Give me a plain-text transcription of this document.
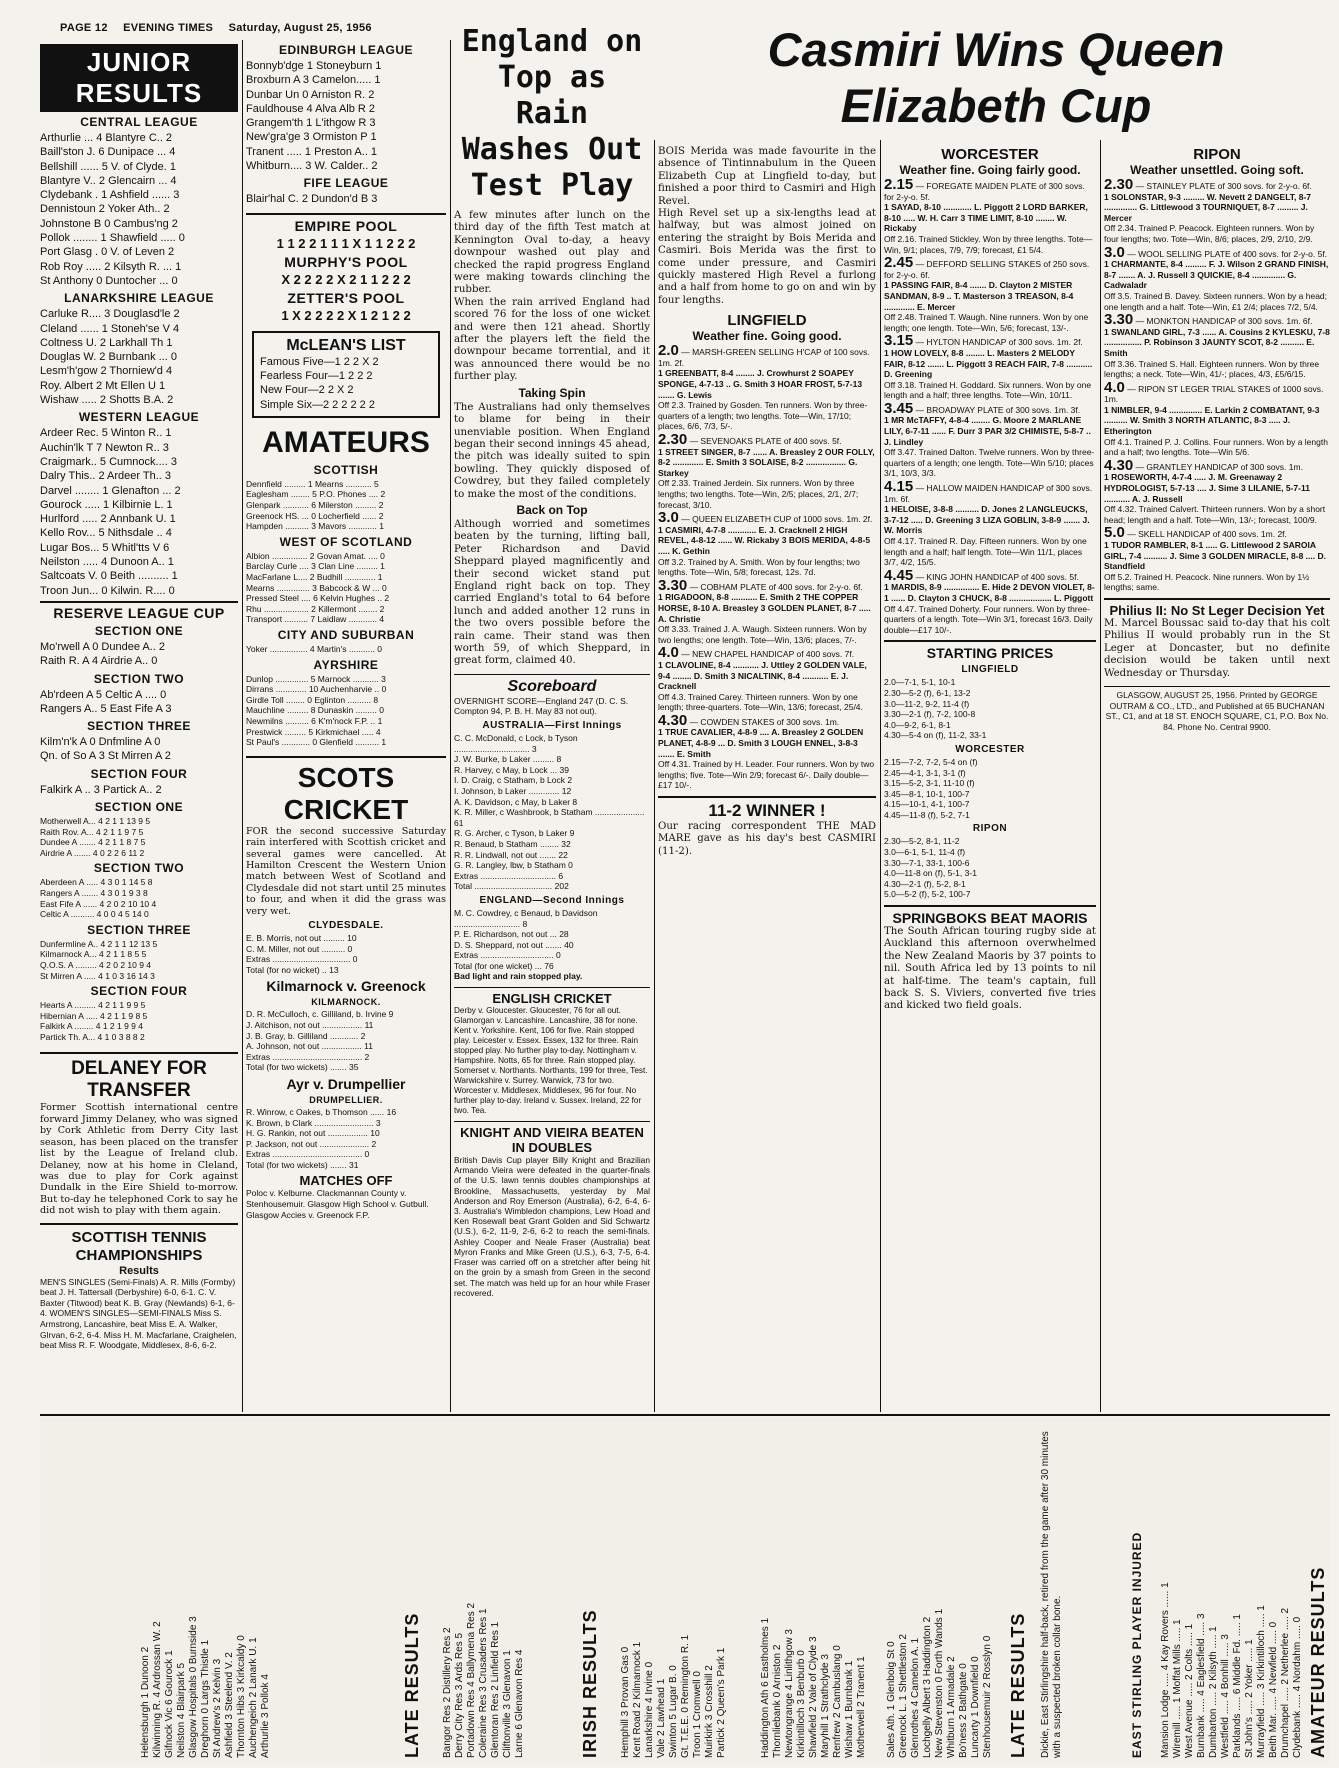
PAGE 12 EVENING TIMES Saturday, August 25, 1956
JUNIOR RESULTS
CENTRAL LEAGUE
Arthurlie ... 4 Blantyre C.. 2
Baill'ston J. 6 Dunipace ... 4
Bellshill ...... 5 V. of Clyde. 1
Blantyre V.. 2 Glencairn ... 4
Clydebank . 1 Ashfield ...... 3
Dennistoun 2 Yoker Ath.. 2
Johnstone B 0 Cambus'ng 2
Pollok ........ 1 Shawfield ..... 0
Port Glasg . 0 V. of Leven 2
Rob Roy ..... 2 Kilsyth R. ... 1
St Anthony 0 Duntocher ... 0
LANARKSHIRE LEAGUE
Carluke R.... 3 Douglasd'le 2
Cleland ...... 1 Stoneh'se V 4
Coltness U. 2 Larkhall Th 1
Douglas W. 2 Burnbank ... 0
Lesm'h'gow 2 Thorniew'd 4
Roy. Albert 2 Mt Ellen U 1
Wishaw ..... 2 Shotts B.A. 2
WESTERN LEAGUE
Ardeer Rec. 5 Winton R.. 1
Auchin'lk T 7 Newton R.. 3
Craigmark.. 5 Cumnock.... 3
Dalry This.. 2 Ardeer Th.. 3
Darvel ........ 1 Glenafton ... 2
Gourock ..... 1 Kilbirnie L. 1
Hurlford ..... 2 Annbank U. 1
Kello Rov... 5 Nithsdale .. 4
Lugar Bos... 5 Whitl'tts V 6
Neilston ..... 4 Dunoon A.. 1
Saltcoats V. 0 Beith .......... 1
Troon Jun... 0 Kilwin. R.... 0
RESERVE LEAGUE CUP
SECTION ONE
Mo'rwell A 0 Dundee A.. 2
Raith R. A 4 Airdrie A.. 0
SECTION TWO
Ab'rdeen A 5 Celtic A .... 0
Rangers A.. 5 East Fife A 3
SECTION THREE
Kilm'n'k A 0 Dnfmline A 0
Qn. of So A 3 St Mirren A 2
SECTION FOUR
Falkirk A .. 3 Partick A.. 2
SECTION ONE
Motherwell A... 4 2 1 1 13 9 5
Raith Rov. A... 4 2 1 1 9 7 5
Dundee A ....... 4 2 1 1 8 7 5
Airdrie A ....... 4 0 2 2 6 11 2
SECTION TWO
Aberdeen A ..... 4 3 0 1 14 5 8
Rangers A ....... 4 3 0 1 9 3 8
East Fife A ...... 4 2 0 2 10 10 4
Celtic A .......... 4 0 0 4 5 14 0
SECTION THREE
Dunfermline A.. 4 2 1 1 12 13 5
Kilmarnock A... 4 2 1 1 8 5 5
Q.O.S. A ......... 4 2 0 2 10 9 4
St Mirren A ..... 4 1 0 3 16 14 3
SECTION FOUR
Hearts A ......... 4 2 1 1 9 9 5
Hibernian A ..... 4 2 1 1 9 8 5
Falkirk A ........ 4 1 2 1 9 9 4
Partick Th. A... 4 1 0 3 8 8 2
DELANEY FOR TRANSFER
Former Scottish international centre forward Jimmy Delaney, who was signed by Cork Athletic from Derry City last season, has been placed on the transfer list by the League of Ireland club. Delaney, now at his home in Cleland, was due to play for Cork against Dundalk in the Eire Shield to-morrow. But to-day he telephoned Cork to say he did not wish to play with them again.
SCOTTISH TENNIS CHAMPIONSHIPS
Results
MEN'S SINGLES (Semi-Finals) A. R. Mills (Formby) beat J. H. Tattersall (Derbyshire) 6-0, 6-1. C. V. Baxter (Titwood) beat K. B. Gray (Newlands) 6-1, 6-4. WOMEN'S SINGLES—SEMI-FINALS Miss S. Armstrong, Lancashire, beat Miss E. A. Walker, Glrvan, 6-2, 6-4. Miss H. M. Macfarlane, Craighelen, beat Miss R. F. Woodgate, Middlesex, 8-6, 6-2.
EDINBURGH LEAGUE
Bonnyb'dge 1 Stoneyburn 1
Broxburn A 3 Camelon..... 1
Dunbar Un 0 Arniston R. 2
Fauldhouse 4 Alva Alb R 2
Grangem'th 1 L'ithgow R 3
New'gra'ge 3 Ormiston P 1
Tranent ..... 1 Preston A.. 1
Whitburn.... 3 W. Calder.. 2
FIFE LEAGUE
Blair'hal C. 2 Dundon'd B 3
EMPIRE POOL
1 1 2 2 1 1 1 X 1 1 2 2 2
MURPHY'S POOL
X 2 2 2 2 X 2 1 1 2 2 2
ZETTER'S POOL
1 X 2 2 2 2 X 1 2 1 2 2
McLEAN'S LIST
Famous Five—1 2 2 X 2
Fearless Four—1 2 2 2
New Four—2 2 X 2
Simple Six—2 2 2 2 2 2
AMATEURS
SCOTTISH
Dennfield ......... 1 Mearns ........... 5
Eaglesham ........ 5 P.O. Phones .... 2
Glenpark ........... 6 Milerston ......... 2
Greenock HS. ... 0 Locherfield ...... 2
Hampden .......... 3 Mavors ............ 1
WEST OF SCOTLAND
Albion ............... 2 Govan Amat. .... 0
Barclay Curle .... 3 Clan Line ......... 1
MacFarlane L.... 2 Budhill ............. 1
Mearns .............. 3 Babcock & W ... 0
Pressed Steel .... 6 Kelvin Hughes .. 2
Rhu ................... 2 Killermont ........ 2
Transport .......... 7 Laidlaw ............ 4
CITY AND SUBURBAN
Yoker ................ 4 Martin's ........... 0
AYRSHIRE
Dunlop .............. 5 Marnock ........... 3
Dirrans ............. 10 Auchenharvie .. 0
Girdle Toll ........ 0 Eglinton .......... 8
Mauchline ......... 8 Dunaskin ......... 0
Newmilns .......... 6 K'm'nock F.P. .. 1
Prestwick ......... 5 Kirkmichael ..... 4
St Paul's ............ 0 Glenfield .......... 1
SCOTS CRICKET
FOR the second successive Saturday rain interfered with Scottish cricket and several games were cancelled. At Hamilton Crescent the Western Union match between West of Scotland and Clydesdale did not start until 25 minutes to four, and when it did the grass was very wet.
CLYDESDALE.
E. B. Morris, not out ......... 10
C. M. Miller, not out .......... 0
Extras ................................. 0
Total (for no wicket) .. 13
Kilmarnock v. Greenock
KILMARNOCK.
D. R. McCulloch, c. Gilliland, b. Irvine 9
J. Aitchison, not out ................. 11
J. B. Gray, b. Gilliland ............ 2
A. Johnson, not out ................. 11
Extras ...................................... 2
Total (for two wickets) ....... 35
Ayr v. Drumpellier
DRUMPELLIER.
R. Winrow, c Oakes, b Thomson ...... 16
K. Brown, b Clark ......................... 3
H. G. Rankin, not out ................. 10
P. Jackson, not out ..................... 2
Extras ...................................... 0
Total (for two wickets) ....... 31
MATCHES OFF
Poloc v. Kelburne. Clackmannan County v. Stenhousemuir. Glasgow High School v. Gutbull. Glasgow Accies v. Greenock F.P.
England on Top as Rain Washes Out Test Play
A few minutes after lunch on the third day of the fifth Test match at Kennington Oval to-day, a heavy downpour washed out play and checked the rapid progress England were making towards clinching the rubber.
When the rain arrived England had scored 76 for the loss of one wicket and were then 121 ahead. Shortly after the players left the field the downpour became torrential, and it was announced there would be no further play.
Taking Spin
The Australians had only themselves to blame for being in their unenviable position. When England began their second innings 45 ahead, the pitch was ideally suited to spin bowling. They quickly disposed of Cowdrey, but they failed completely to make the most of the conditions.
Back on Top
Although worried and sometimes beaten by the turning, lifting ball, Peter Richardson and David Sheppard played magnificently and their second wicket stand put England right back on top. They carried England's total to 64 before lunch and added another 12 runs in the two overs possible before the rain came. Their stand was then worth 59, of which Sheppard, in great form, claimed 40.
Scoreboard
OVERNIGHT SCORE—England 247 (D. C. S. Compton 94, P. B. H. May 83 not out).
AUSTRALIA—First Innings
C. C. McDonald, c Lock, b Tyson ................................ 3
J. W. Burke, b Laker ......... 8
R. Harvey, c May, b Lock ... 39
I. D. Craig, c Statham, b Lock 2
I. Johnson, b Laker ............. 12
A. K. Davidson, c May, b Laker 8
K. R. Miller, c Washbrook, b Statham ..................... 61
R. G. Archer, c Tyson, b Laker 9
R. Benaud, b Statham ........ 32
R. R. Lindwall, not out ....... 22
G. R. Langley, lbw, b Statham 0
Extras ................................ 6
Total ................................. 202
ENGLAND—Second Innings
M. C. Cowdrey, c Benaud, b Davidson ............................ 8
P. E. Richardson, not out ... 28
D. S. Sheppard, not out ....... 40
Extras ............................... 0
Total (for one wicket) ... 76
Bad light and rain stopped play.
ENGLISH CRICKET
Derby v. Gloucester. Gloucester, 76 for all out. Glamorgan v. Lancashire. Lancashire, 38 for none. Kent v. Yorkshire. Kent, 106 for five. Rain stopped play. Leicester v. Essex. Essex, 132 for three. Rain stopped play. No further play to-day. Nottingham v. Hampshire. Notts, 65 for three. Rain stopped play. Somerset v. Northants. Northants, 199 for three, Test. Warwickshire v. Surrey. Warwick, 73 for two. Worcester v. Middlesex. Middlesex, 96 for four. No further play to-day. Ireland v. Sussex. Ireland, 22 for two. Tea.
KNIGHT AND VIEIRA BEATEN IN DOUBLES
British Davis Cup player Billy Knight and Brazilian Armando Vieira were defeated in the quarter-finals of the U.S. lawn tennis doubles championships at Brookline, Massachusetts, yesterday by Mal Anderson and Roy Emerson (Australia), 6-2, 6-4, 6-3. Australia's Wimbledon champions, Lew Hoad and Ken Rosewall beat Grant Golden and Sid Schwartz (U.S.), 6-2, 11-9, 2-6, 6-2 to reach the semi-finals. Ashley Cooper and Neale Fraser (Australia) beat Myron Franks and Mike Green (U.S.), 6-3, 7-5, 6-4. Fraser was carried off on a stretcher after being hit on the groin by a smash from Green in the second set. The match was held up for an hour while Fraser recovered.
Casmiri Wins Queen Elizabeth Cup
BOIS Merida was made favourite in the absence of Tintinnabulum in the Queen Elizabeth Cup at Lingfield to-day, but finished a poor third to Casmiri and High Revel.
High Revel set up a six-lengths lead at halfway, but was almost joined on entering the straight by Bois Merida and Casmiri. Bois Merida was the first to come under pressure, and Casmiri quickly mastered High Revel a furlong and a half from home to go on and win by four lengths.
LINGFIELD
Weather fine. Going good.
2.0 — MARSH-GREEN SELLING H'CAP of 100 sovs. 1m. 2f.
1 GREENBATT, 8-4 ........ J. Crowhurst 2 SOAPEY SPONGE, 4-7-13 .. G. Smith 3 HOAR FROST, 5-7-13 ....... G. Lewis
Off 2.3. Trained by Gosden. Ten runners. Won by three-quarters of a length; two lengths. Tote—Win, 17/10; places, 6/6, 7/3, 5/-.
2.30 — SEVENOAKS PLATE of 400 sovs. 5f.
1 STREET SINGER, 8-7 ...... A. Breasley 2 OUR FOLLY, 8-2 ............. E. Smith 3 SOLAISE, 8-2 ................. G. Starkey
Off 2.33. Trained Jerdein. Six runners. Won by three lengths; two lengths. Tote—Win, 2/5; places, 2/1, 2/7; forecast, 3/10.
3.0 — QUEEN ELIZABETH CUP of 1000 sovs. 1m. 2f.
1 CASMIRI, 4-7-8 ............ E. J. Cracknell 2 HIGH REVEL, 4-8-12 ...... W. Rickaby 3 BOIS MERIDA, 4-8-5 ..... K. Gethin
Off 3.2. Trained by A. Smith. Won by four lengths; two lengths. Tote—Win, 5/8; forecast, 12s. 7d.
3.30 — COBHAM PLATE of 400 sovs. for 2-y-o. 6f.
1 RIGADOON, 8-8 ........... E. Smith 2 THE COPPER HORSE, 8-10 A. Breasley 3 GOLDEN PLANET, 8-7 ..... A. Christie
Off 3.33. Trained J. A. Waugh. Sixteen runners. Won by two lengths; one length. Tote—Win, 13/6; places, 7/-.
4.0 — NEW CHAPEL HANDICAP of 400 sovs. 7f.
1 CLAVOLINE, 8-4 ........... J. Uttley 2 GOLDEN VALE, 9-4 ........ D. Smith 3 NICALTINK, 8-4 ........... E. J. Cracknell
Off 4.3. Trained Carey. Thirteen runners. Won by one length; three-quarters. Tote—Win, 13/6; forecast, 25/4.
4.30 — COWDEN STAKES of 300 sovs. 1m.
1 TRUE CAVALIER, 4-8-9 .... A. Breasley 2 GOLDEN PLANET, 4-8-9 ... D. Smith 3 LOUGH ENNEL, 3-8-3 ....... E. Smith
Off 4.31. Trained by H. Leader. Four runners. Won by two lengths; five. Tote—Win 2/9; forecast 6/-. Daily double—£17 10/-.
11-2 WINNER !
Our racing correspondent THE MAD MARE gave as his day's best CASMIRI (11-2).
WORCESTER
Weather fine. Going fairly good.
2.15 — FOREGATE MAIDEN PLATE of 300 sovs. for 2-y-o. 5f.
1 SAYAD, 8-10 ............ L. Piggott 2 LORD BARKER, 8-10 ..... W. H. Carr 3 TIME LIMIT, 8-10 ........ W. Rickaby
Off 2.16. Trained Stickley. Won by three lengths. Tote—Win, 9/1; places, 7/9, 7/9; forecast, £1 5/4.
2.45 — DEFFORD SELLING STAKES of 250 sovs. for 2-y-o. 6f.
1 PASSING FAIR, 8-4 ....... D. Clayton 2 MISTER SANDMAN, 8-9 .. T. Masterson 3 TREASON, 8-4 ............. E. Mercer
Off 2.48. Trained T. Waugh. Nine runners. Won by one length; one length. Tote—Win, 5/6; forecast, 13/-.
3.15 — HYLTON HANDICAP of 300 sovs. 1m. 2f.
1 HOW LOVELY, 8-8 ........ L. Masters 2 MELODY FAIR, 8-12 ....... L. Piggott 3 REACH FAIR, 7-8 ........... D. Greening
Off 3.18. Trained H. Goddard. Six runners. Won by one length and a half; three lengths. Tote—Win, 10/11.
3.45 — BROADWAY PLATE of 300 sovs. 1m. 3f.
1 MR McTAFFY, 4-8-4 ........ G. Moore 2 MARLANE LILY, 6-7-11 ...... F. Durr 3 PAR 3/2 CHIMISTE, 5-8-7 .. J. Lindley
Off 3.47. Trained Dalton. Twelve runners. Won by three-quarters of a length; one length. Tote—Win 5/10; places 3/1, 10/3, 3/3.
4.15 — HALLOW MAIDEN HANDICAP of 300 sovs. 1m. 6f.
1 HELOISE, 3-8-8 .......... D. Jones 2 LANGLEUCKS, 3-7-12 ..... D. Greening 3 LIZA GOBLIN, 3-8-9 ....... J. W. Morris
Off 4.17. Trained R. Day. Fifteen runners. Won by one length and a half; half length. Tote—Win 11/1, places 3/7, 4/2, 15/5.
4.45 — KING JOHN HANDICAP of 400 sovs. 5f.
1 MARDIS, 8-9 ............... E. Hide 2 DEVON VIOLET, 8-1 ...... D. Clayton 3 CHUCK, 8-8 .................. L. Piggott
Off 4.47. Trained Doherty. Four runners. Won by three-quarters of a length. Tote—Win 3/1, forecast 16/3. Daily double—£17 10/-.
STARTING PRICES
LINGFIELD
2.0—7-1, 5-1, 10-1
2.30—5-2 (f), 6-1, 13-2
3.0—11-2, 9-2, 11-4 (f)
3.30—2-1 (f), 7-2, 100-8
4.0—9-2, 6-1, 8-1
4.30—5-4 on (f), 11-2, 33-1
WORCESTER
2.15—7-2, 7-2, 5-4 on (f)
2.45—4-1, 3-1, 3-1 (f)
3.15—5-2, 3-1, 11-10 (f)
3.45—8-1, 10-1, 100-7
4.15—10-1, 4-1, 100-7
4.45—11-8 (f), 5-2, 7-1
RIPON
2.30—5-2, 8-1, 11-2
3.0—6-1, 5-1, 11-4 (f)
3.30—7-1, 33-1, 100-6
4.0—11-8 on (f), 5-1, 3-1
4.30—2-1 (f), 5-2, 8-1
5.0—5-2 (f), 5-2, 100-7
SPRINGBOKS BEAT MAORIS
The South African touring rugby side at Auckland this afternoon overwhelmed the New Zealand Maoris by 37 points to nil. South Africa led by 13 points to nil at half-time. The team's captain, full back S. S. Viviers, converted five tries and kicked two field goals.
RIPON
Weather unsettled. Going soft.
2.30 — STAINLEY PLATE of 300 sovs. for 2-y-o. 6f.
1 SOLONSTAR, 9-3 ......... W. Nevett 2 DANGELT, 8-7 .............. G. Littlewood 3 TOURNIQUET, 8-7 ......... J. Mercer
Off 2.34. Trained P. Peacock. Eighteen runners. Won by four lengths; two. Tote—Win, 8/6; places, 2/9, 2/10, 2/9.
3.0 — WOOL SELLING PLATE of 400 sovs. for 2-y-o. 5f.
1 CHARMANTE, 8-4 ......... F. J. Wilson 2 GRAND FINISH, 8-7 ....... A. J. Russell 3 QUICKIE, 8-4 .............. G. Cadwaladr
Off 3.5. Trained B. Davey. Sixteen runners. Won by a head; one length and a half. Tote—Win, £1 2/4; places 7/2, 5/4.
3.30 — MONKTON HANDICAP of 300 sovs. 1m. 6f.
1 SWANLAND GIRL, 7-3 ...... A. Cousins 2 KYLESKU, 7-8 ................ P. Robinson 3 JAUNTY SCOT, 8-2 .......... E. Smith
Off 3.36. Trained S. Hall. Eighteen runners. Won by three lengths; a neck. Tote—Win, 41/-; places, 4/3, £5/6/15.
4.0 — RIPON ST LEGER TRIAL STAKES of 1000 sovs. 1m.
1 NIMBLER, 9-4 .............. E. Larkin 2 COMBATANT, 9-3 .......... W. Smith 3 NORTH ATLANTIC, 8-3 ..... J. Etherington
Off 4.1. Trained P. J. Collins. Four runners. Won by a length and a half; two lengths. Tote—Win 5/6.
4.30 — GRANTLEY HANDICAP of 300 sovs. 1m.
1 ROSEWORTH, 4-7-4 ..... J. M. Greenaway 2 HYDROLOGIST, 5-7-13 .... J. Sime 3 LILANIE, 5-7-11 ........... A. J. Russell
Off 4.32. Trained Calvert. Thirteen runners. Won by a short head; length and a half. Tote—Win, 13/-; forecast, 100/9.
5.0 — SKELL HANDICAP of 400 sovs. 1m. 2f.
1 TUDOR RAMBLER, 8-1 ..... G. Littlewood 2 SAROIA GIRL, 7-4 .......... J. Sime 3 GOLDEN MIRACLE, 8-8 .... D. Standfield
Off 5.2. Trained H. Peacock. Nine runners. Won by 1½ lengths; same.
Philius II: No St Leger Decision Yet
M. Marcel Boussac said to-day that his colt Philius II would probably run in the St Leger at Doncaster, but no definite decision would be taken until next Wednesday or Thursday.
GLASGOW, AUGUST 25, 1956. Printed by GEORGE OUTRAM & CO., LTD., and Published at 65 BUCHANAN ST., C1, and at 18 ST. ENOCH SQUARE, C1, P.O. Box No. 84. Phone No. Central 9900.
AMATEUR RESULTS
Mansion Lodge ..... 4 Kay Rovers ...... 1 Wiremill ..... 1 Moffat Mills ..... 1 West Avenue ..... 2 Colts ..... 1 Burnbank ..... 4 Eaglesfield ..... 3 Dumbarton ..... 2 Kilsyth ..... 1 Westfield ..... 4 Bonhill ..... 3 Parklands ..... 6 Middle Fd. ..... 1 St John's ..... 2 Yoker ..... 1 Murrayfield ..... 3 Kirkintilloch ..... 1 Beith Mar. ..... 4 Newfield ..... 0 Drumchapel ..... 2 Netherlee ..... 2 Clydebank ..... 4 Nordahm ..... 0
EAST STIRLING PLAYER INJURED
Dickie, East Stirlingshire half-back, retired from the game after 30 minutes with a suspected broken collar bone.
LATE RESULTS
Sales Ath. 1 Glenboig St 0 Greenock L. 1 Shettleston 2 Glenrothes 4 Camelon A. 1 Lochgelly Albert 3 Haddington 2 New Stevenston 0 Forth Wands 1 Whitburn 1 Armadale 2 Bo'ness 2 Bathgate 0 Luncarty 1 Downfield 0 Stenhousemuir 2 Rosslyn 0
Haddington Ath 6 Eastholmes 1 Thornliebank 0 Arniston 2 Newtongrange 4 Linlithgow 3 Kirkintilloch 3 Benburb 0 Shawfield 2 Vale of Clyde 3 Maryhill 1 Strathclyde 3 Renfrew 2 Cambuslang 0 Wishaw 1 Burnbank 1 Motherwell 2 Tranent 1
Hemphill 3 Provan Gas 0 Kent Road 2 Kilmarnock 1 Lanarkshire 4 Irvine 0 Vale 2 Lawhead 1 Swinton 5 Lugar B. 0 Gt. T.E.E. 0 Remington R. 1 Troon 1 Cromwell 0 Muirkirk 3 Crosshill 2 Partick 2 Queen's Park 1
IRISH RESULTS
Bangor Res 2 Distillery Res 2 Derry City Res 3 Ards Res 5 Portadown Res 4 Ballymena Res 2 Coleraine Res 3 Crusaders Res 1 Glentoran Res 2 Linfield Res 1 Cliftonville 3 Glenavon 1 Larne 6 Glenavon Res 4
LATE RESULTS
Helensburgh 1 Dunoon 2 Kilwinning R. 4 Ardrossan W. 2 Gifnock Vic 6 Gourock 1 Neilston 4 Blairpark 5 Glasgow Hospitals 0 Burnside 3 Dreghorn 0 Largs Thistle 1 St Andrew's 2 Kelvin 3 Ashfield 3 Steelend V. 2 Thornton Hibs 3 Kirkcaldy 0 Auchengeich 2 Lanark U. 1 Arthurlie 3 Pollok 4
